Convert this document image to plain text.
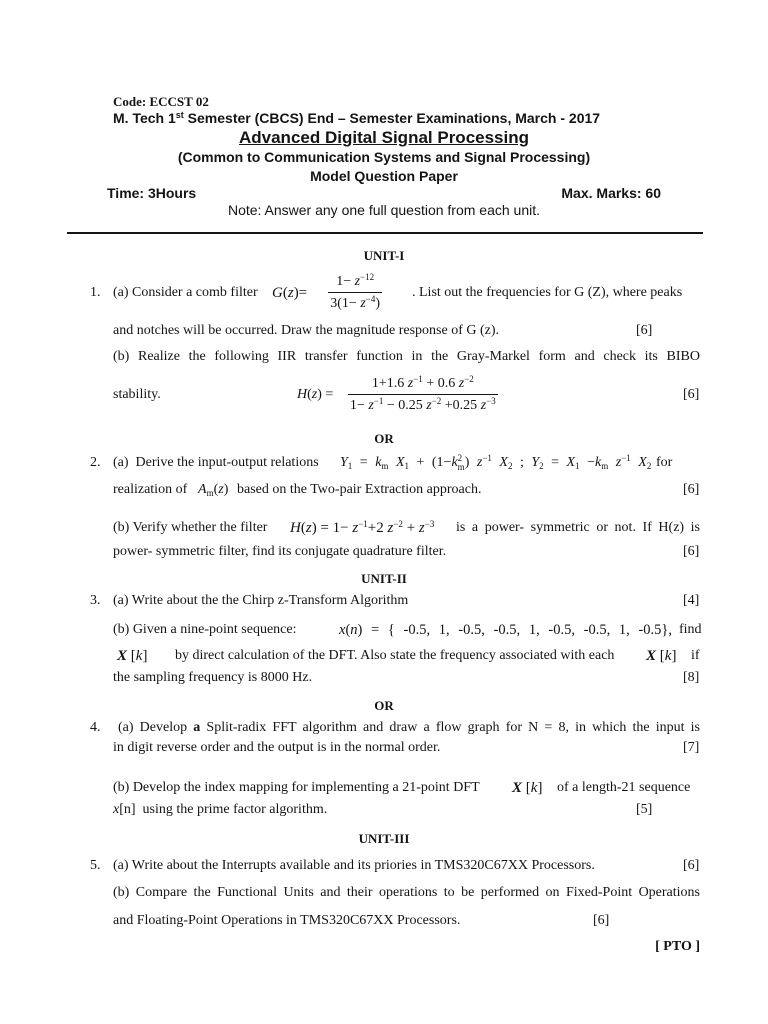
Code: ECCST 02
M. Tech 1st Semester (CBCS) End – Semester Examinations, March - 2017
Advanced Digital Signal Processing
(Common to Communication Systems and Signal Processing)
Model Question Paper
Time: 3Hours	Max. Marks: 60
Note: Answer any one full question from each unit.
UNIT-I
1. (a) Consider a comb filter $G(z)= \frac{1- z^{-12}}{3(1- z^{-4})}$ . List out the frequencies for G (Z), where peaks
and notches will be occurred. Draw the magnitude response of G (z).	[6]
(b) Realize the following IIR transfer function in the Gray-Markel form and check its BIBO
stability.	$H(z) = \frac{1+1.6 z^{-1} + 0.6 z^{-2}}{1- z^{-1} - 0.25 z^{-2} +0.25 z^{-3}}$	[6]
OR
2. (a)  Derive the input-output relations $Y_1 = k_m$ $X_1 + (1-k$ 2
m ) $z^{-1}$ $X_2$ ; $Y_2 = X_1 -k_m$ $z^{-1}$ $X_2$ for
realization of $A_m(z)$ based on the Two-pair Extraction approach.	[6]
(b) Verify whether the filter $H(z) = 1- z^{-1} +2$ $z^{-2} + z^{-3}$ is a power- symmetric or not. If H(z) is
power- symmetric filter, find its conjugate quadrature filter.	[6]
UNIT-II
3. (a) Write about the the Chirp z-Transform Algorithm	[4]
(b) Given a nine-point sequence:	x(n) = { -0.5, 1, -0.5, -0.5, 1, -0.5, -0.5, 1, -0.5}, find
X [k] by direct calculation of the DFT. Also state the frequency associated with each X [k] if
the sampling frequency is 8000 Hz.	[8]
OR
4. (a) Develop a Split-radix FFT algorithm and draw a flow graph for N = 8, in which the input is
in digit reverse order and the output is in the normal order.	[7]
(b) Develop the index mapping for implementing a 21-point DFT X [k] of a length-21 sequence
x[n]  using the prime factor algorithm.	[5]
UNIT-III
5. (a) Write about the Interrupts available and its priories in TMS320C67XX Processors.	[6]
(b) Compare the Functional Units and their operations to be performed on Fixed-Point Operations
and Floating-Point Operations in TMS320C67XX Processors.	[6]
[ PTO ]
